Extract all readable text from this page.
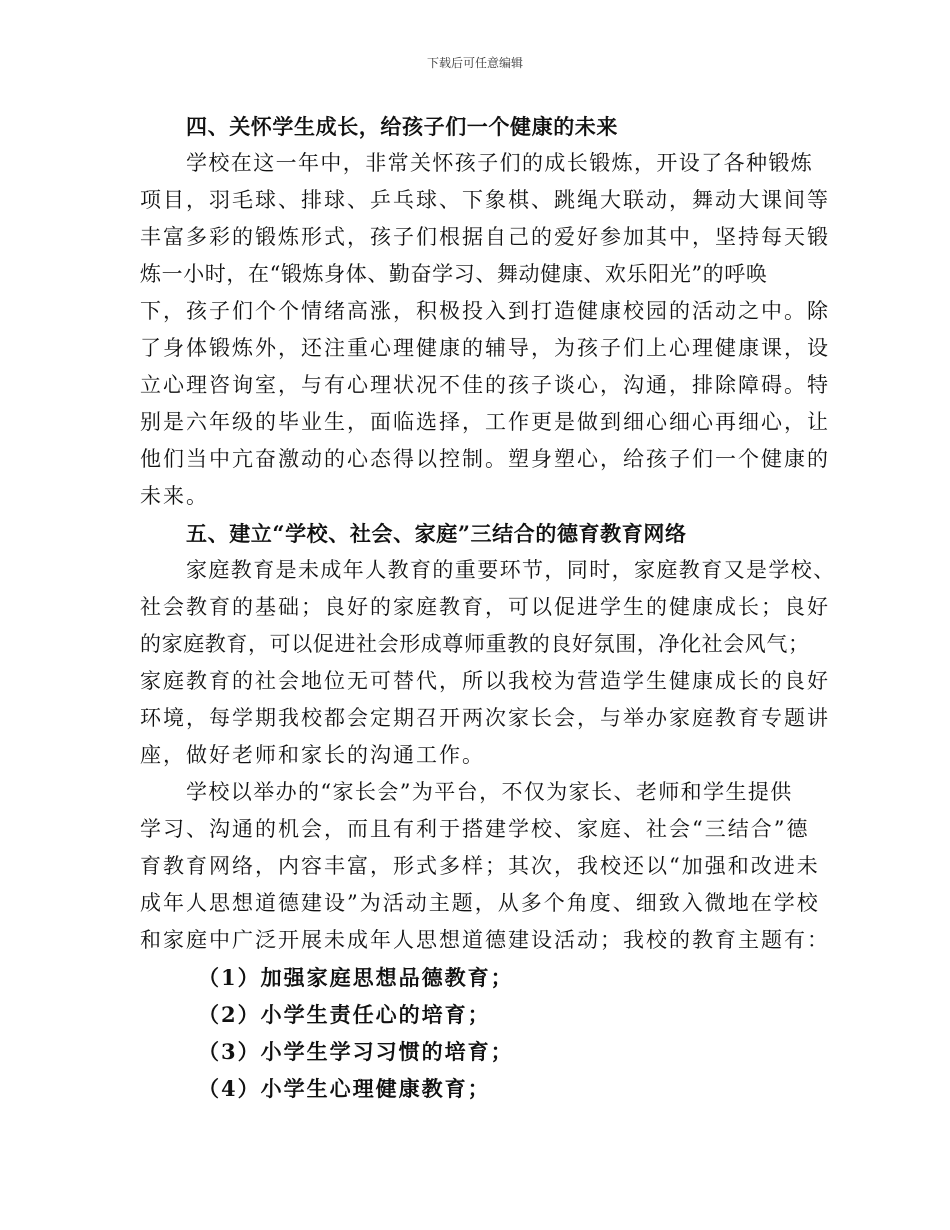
下载后可任意编辑
四、关怀学生成长，给孩子们一个健康的未来
学校在这一年中，非常关怀孩子们的成长锻炼，开设了各种锻炼
项目，羽毛球、排球、乒乓球、下象棋、跳绳大联动，舞动大课间等
丰富多彩的锻炼形式，孩子们根据自己的爱好参加其中，坚持每天锻
炼一小时，在“锻炼身体、勤奋学习、舞动健康、欢乐阳光”的呼唤
下，孩子们个个情绪高涨，积极投入到打造健康校园的活动之中。除
了身体锻炼外，还注重心理健康的辅导，为孩子们上心理健康课，设
立心理咨询室，与有心理状况不佳的孩子谈心，沟通，排除障碍。特
别是六年级的毕业生，面临选择，工作更是做到细心细心再细心，让
他们当中亢奋激动的心态得以控制。塑身塑心，给孩子们一个健康的
未来。
五、建立“学校、社会、家庭”三结合的德育教育网络
家庭教育是未成年人教育的重要环节，同时，家庭教育又是学校、
社会教育的基础；良好的家庭教育，可以促进学生的健康成长；良好
的家庭教育，可以促进社会形成尊师重教的良好氛围，净化社会风气；
家庭教育的社会地位无可替代，所以我校为营造学生健康成长的良好
环境，每学期我校都会定期召开两次家长会，与举办家庭教育专题讲
座，做好老师和家长的沟通工作。
学校以举办的“家长会”为平台，不仅为家长、老师和学生提供
学习、沟通的机会，而且有利于搭建学校、家庭、社会“三结合”德
育教育网络，内容丰富，形式多样；其次，我校还以“加强和改进未
成年人思想道德建设”为活动主题，从多个角度、细致入微地在学校
和家庭中广泛开展未成年人思想道德建设活动；我校的教育主题有：
（1）加强家庭思想品德教育；
（2）小学生责任心的培育；
（3）小学生学习习惯的培育；
（4）小学生心理健康教育；
